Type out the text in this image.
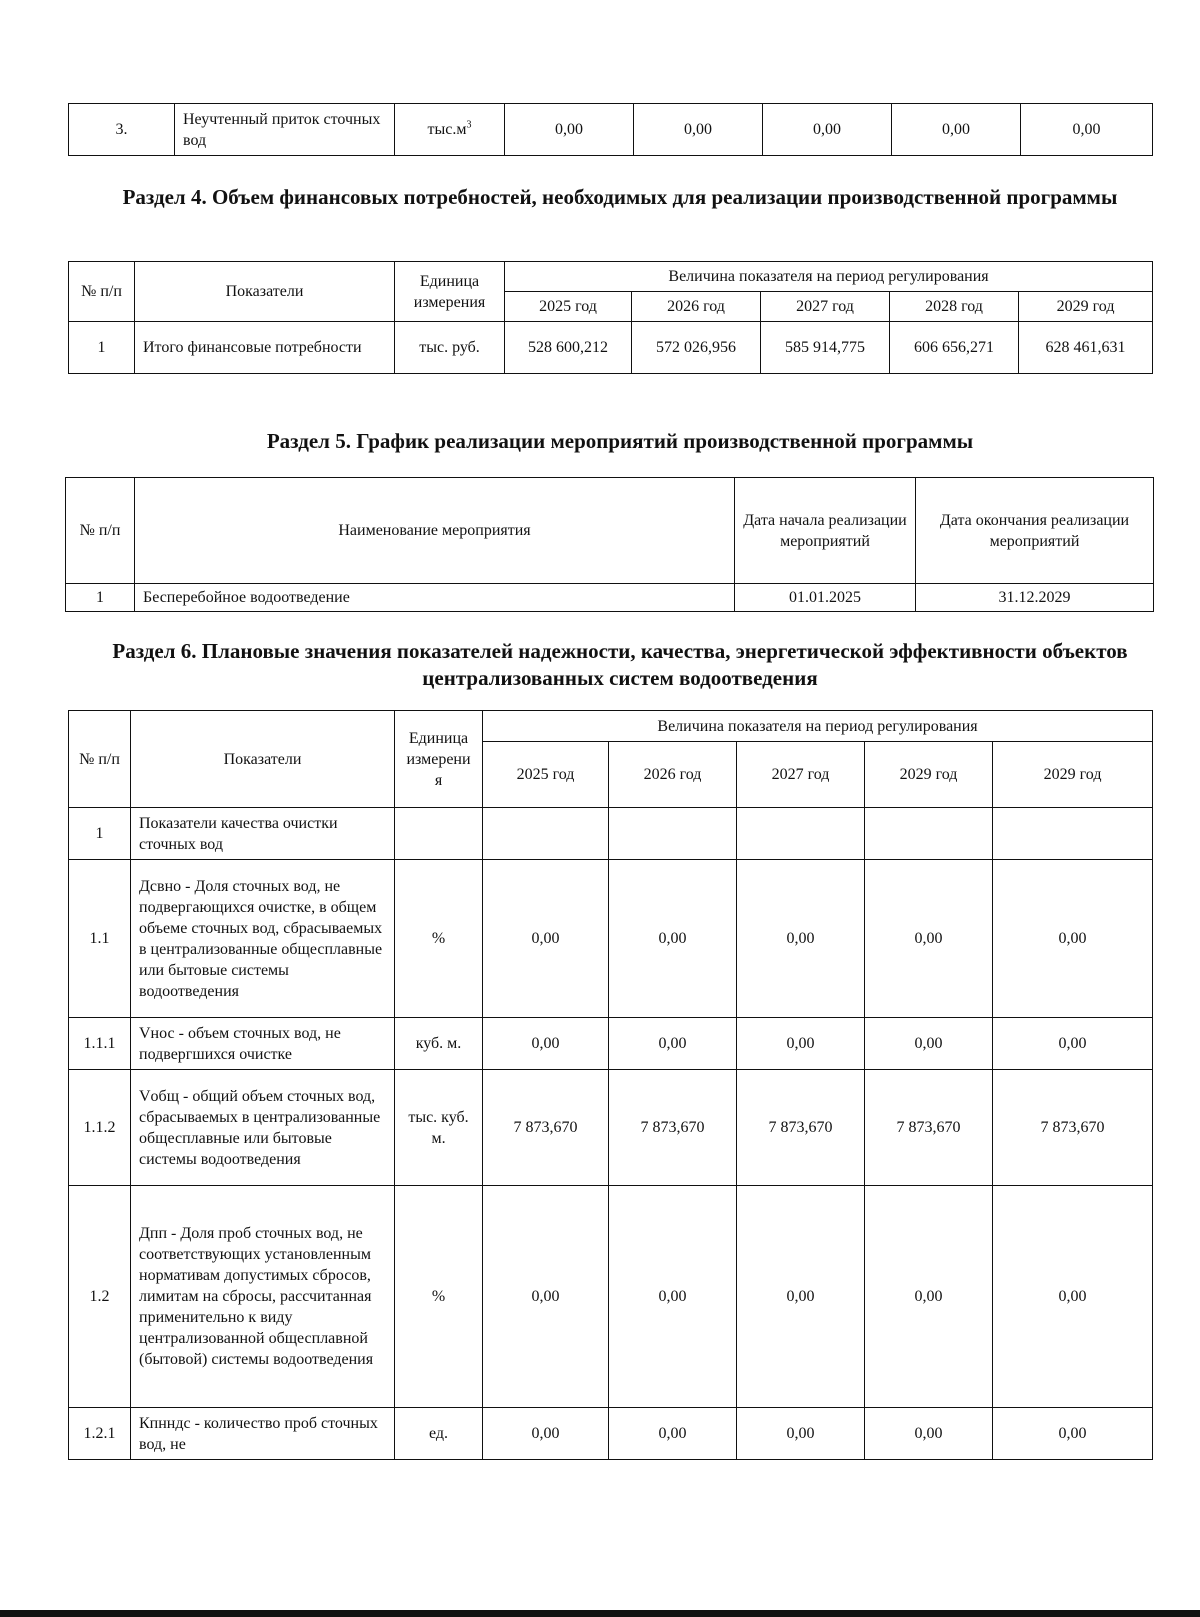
3.	Неучтенный приток сточных вод	$тыс.м^3$	0,00	0,00	0,00	0,00	0,00
Раздел 4. Объем финансовых потребностей, необходимых для реализации производственной программы
№ п/п	Показатели	Единица измерения	Величина показателя на период регулирования				
			2025 год	2026 год	2027 год	2028 год	2029 год
1	Итого финансовые потребности	тыс. руб.	528 600,212	572 026,956	585 914,775	606 656,271	628 461,631
Раздел 5. График реализации мероприятий производственной программы
№ п/п	Наименование мероприятия	Дата начала реализации мероприятий	Дата окончания реализации мероприятий
1	Бесперебойное водоотведение	01.01.2025	31.12.2029
Раздел 6. Плановые значения показателей надежности, качества, энергетической эффективности объектов централизованных систем водоотведения
№ п/п	Показатели	Единица измерения	Величина показателя на период регулирования				
			2025 год	2026 год	2027 год	2029 год	2029 год
1	Показатели качества очистки сточных вод						
1.1	Дсвно - Доля сточных вод, не подвергающихся очистке, в общем объеме сточных вод, сбрасываемых в централизованные общесплавные или бытовые системы водоотведения	%	0,00	0,00	0,00	0,00	0,00
1.1.1	Vнос - объем сточных вод, не подвергшихся очистке	куб. м.	0,00	0,00	0,00	0,00	0,00
1.1.2	Vобщ - общий объем сточных вод, сбрасываемых в централизованные общесплавные или бытовые системы водоотведения	тыс. куб. м.	7 873,670	7 873,670	7 873,670	7 873,670	7 873,670
1.2	Дпп - Доля проб сточных вод, не соответствующих установленным нормативам допустимых сбросов, лимитам на сбросы, рассчитанная применительно к виду централизованной общесплавной (бытовой) системы водоотведения	%	0,00	0,00	0,00	0,00	0,00
1.2.1	Кпнндс - количество проб сточных вод, не	ед.	0,00	0,00	0,00	0,00	0,00
